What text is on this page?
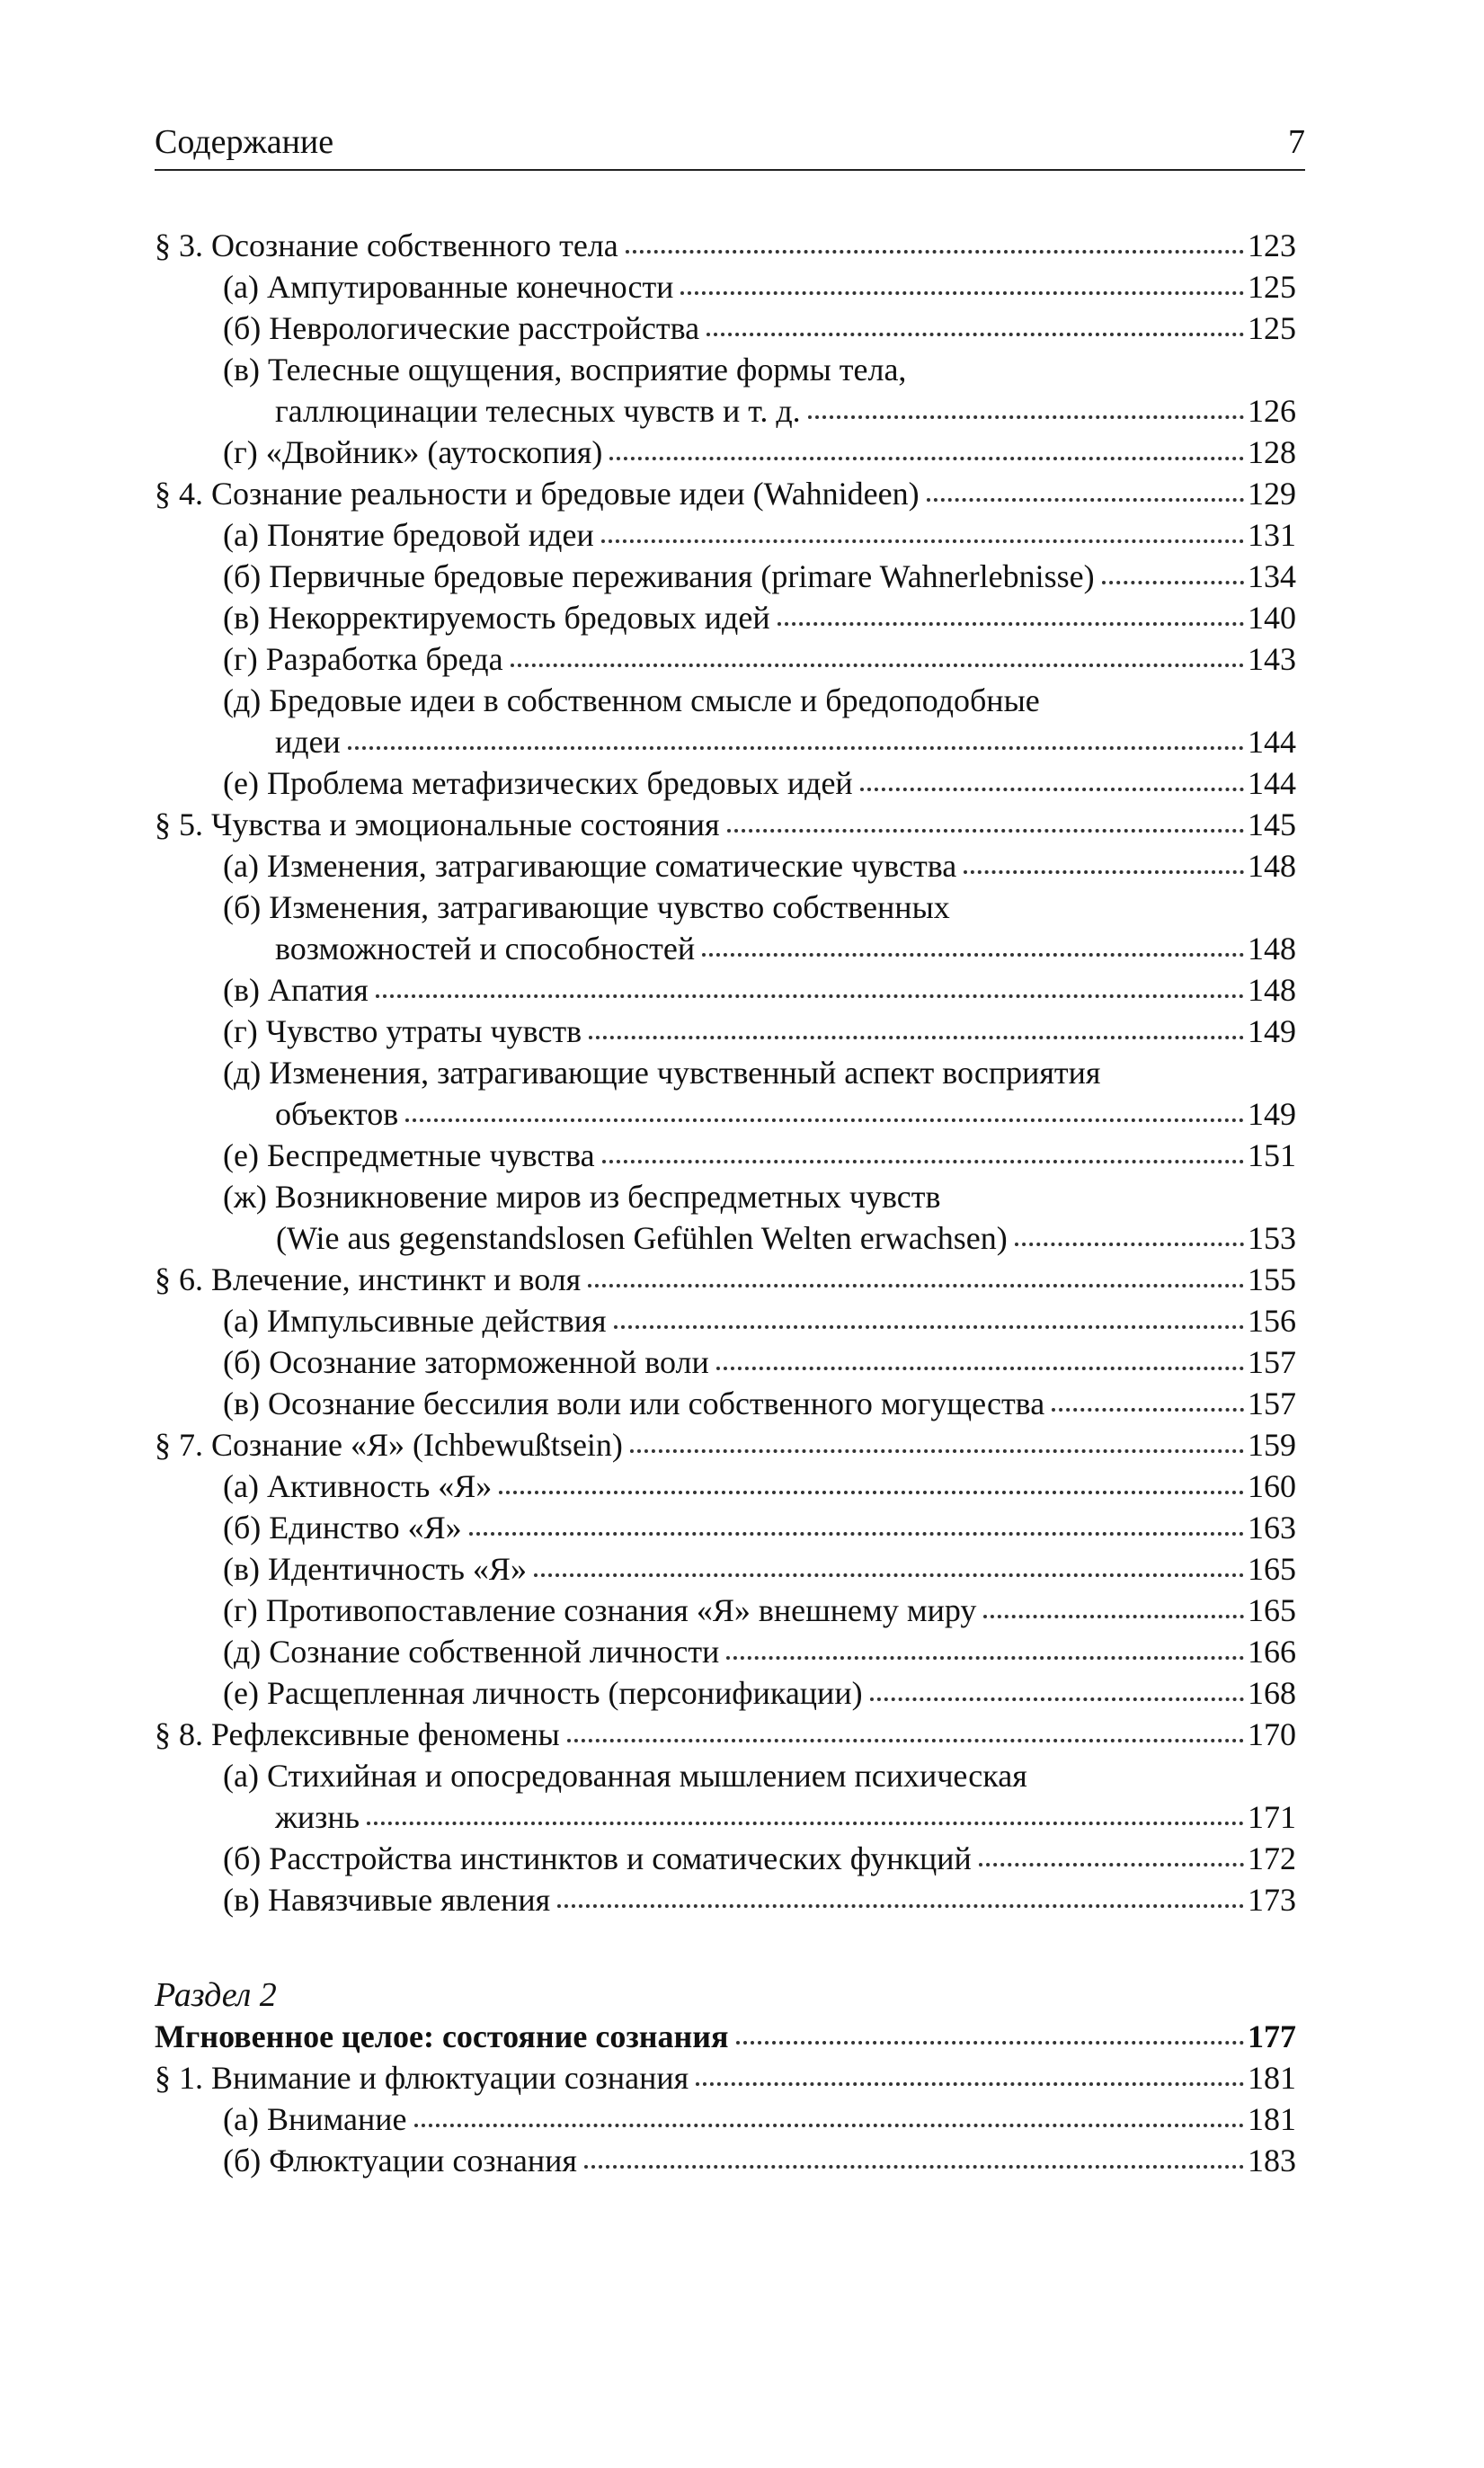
Содержание	7
§ 3. Осознание собственного тела	123
(а) Ампутированные конечности	125
(б) Неврологические расстройства	125
(в) Телесные ощущения, восприятие формы тела,
галлюцинации телесных чувств и т. д.	126
(г) «Двойник» (аутоскопия)	128
§ 4. Сознание реальности и бредовые идеи (Wahnideen)	129
(а) Понятие бредовой идеи	131
(б) Первичные бредовые переживания (primare Wahnerlebnisse)	134
(в) Некорректируемость бредовых идей	140
(г) Разработка бреда	143
(д) Бредовые идеи в собственном смысле и бредоподобные
идеи	144
(е) Проблема метафизических бредовых идей	144
§ 5. Чувства и эмоциональные состояния	145
(а) Изменения, затрагивающие соматические чувства	148
(б) Изменения, затрагивающие чувство собственных
возможностей и способностей	148
(в) Апатия	148
(г) Чувство утраты чувств	149
(д) Изменения, затрагивающие чувственный аспект восприятия
объектов	149
(е) Беспредметные чувства	151
(ж) Возникновение миров из беспредметных чувств
(Wie aus gegenstandslosen Gefühlen Welten erwachsen)	153
§ 6. Влечение, инстинкт и воля	155
(а) Импульсивные действия	156
(б) Осознание заторможенной воли	157
(в) Осознание бессилия воли или собственного могущества	157
§ 7. Сознание «Я» (Ichbewußtsein)	159
(а) Активность «Я»	160
(б) Единство «Я»	163
(в) Идентичность «Я»	165
(г) Противопоставление сознания «Я» внешнему миру	165
(д) Сознание собственной личности	166
(е) Расщепленная личность (персонификации)	168
§ 8. Рефлексивные феномены	170
(а) Стихийная и опосредованная мышлением психическая
жизнь	171
(б) Расстройства инстинктов и соматических функций	172
(в) Навязчивые явления	173
Раздел 2
Мгновенное целое: состояние сознания	177
§ 1. Внимание и флюктуации сознания	181
(а) Внимание	181
(б) Флюктуации сознания	183
